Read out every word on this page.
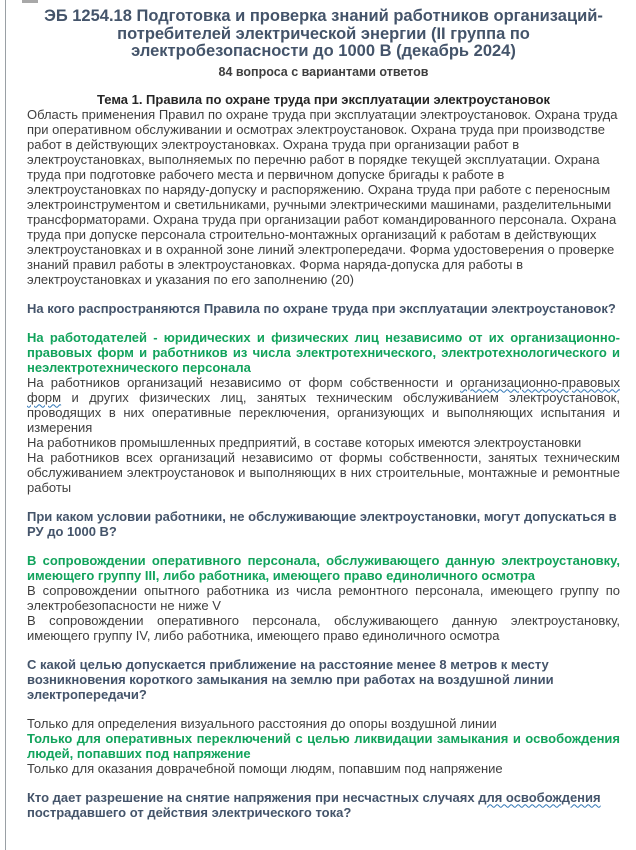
ЭБ 1254.18 Подготовка и проверка знаний работников организаций-потребителей электрической энергии (II группа по электробезопасности до 1000 В (декабрь 2024)
84 вопроса с вариантами ответов
Тема 1. Правила по охране труда при эксплуатации электроустановок

Область применения Правил по охране труда при эксплуатации электроустановок. Охрана труда при оперативном обслуживании и осмотрах электроустановок. Охрана труда при производстве работ в действующих электроустановках. Охрана труда при организации работ в электроустановках, выполняемых по перечню работ в порядке текущей эксплуатации. Охрана труда при подготовке рабочего места и первичном допуске бригады к работе в электроустановках по наряду-допуску и распоряжению. Охрана труда при работе с переносным электроинструментом и светильниками, ручными электрическими машинами, разделительными трансформаторами. Охрана труда при организации работ командированного персонала. Охрана труда при допуске персонала строительно-монтажных организаций к работам в действующих электроустановках и в охранной зоне линий электропередачи. Форма удостоверения о проверке знаний правил работы в электроустановках. Форма наряда-допуска для работы в электроустановках и указания по его заполнению (20)

На кого распространяются Правила по охране труда при эксплуатации электроустановок?

На работодателей - юридических и физических лиц независимо от их организационно-правовых форм и работников из числа электротехнического, электротехнологического и неэлектротехнического персонала

На работников организаций независимо от форм собственности и организационно-правовых форм и других физических лиц, занятых техническим обслуживанием электроустановок, проводящих в них оперативные переключения, организующих и выполняющих испытания и измерения

На работников промышленных предприятий, в составе которых имеются электроустановки

На работников всех организаций независимо от формы собственности, занятых техническим обслуживанием электроустановок и выполняющих в них строительные, монтажные и ремонтные работы

При каком условии работники, не обслуживающие электроустановки, могут допускаться в РУ до 1000 В?

В сопровождении оперативного персонала, обслуживающего данную электроустановку, имеющего группу III, либо работника, имеющего право единоличного осмотра

В сопровождении опытного работника из числа ремонтного персонала, имеющего группу по электробезопасности не ниже V

В сопровождении оперативного персонала, обслуживающего данную электроустановку, имеющего группу IV, либо работника, имеющего право единоличного осмотра

С какой целью допускается приближение на расстояние менее 8 метров к месту возникновения короткого замыкания на землю при работах на воздушной линии электропередачи?

Только для определения визуального расстояния до опоры воздушной линии

Только для оперативных переключений с целью ликвидации замыкания и освобождения людей, попавших под напряжение

Только для оказания доврачебной помощи людям, попавшим под напряжение

Кто дает разрешение на снятие напряжения при несчастных случаях для освобождения пострадавшего от действия электрического тока?
